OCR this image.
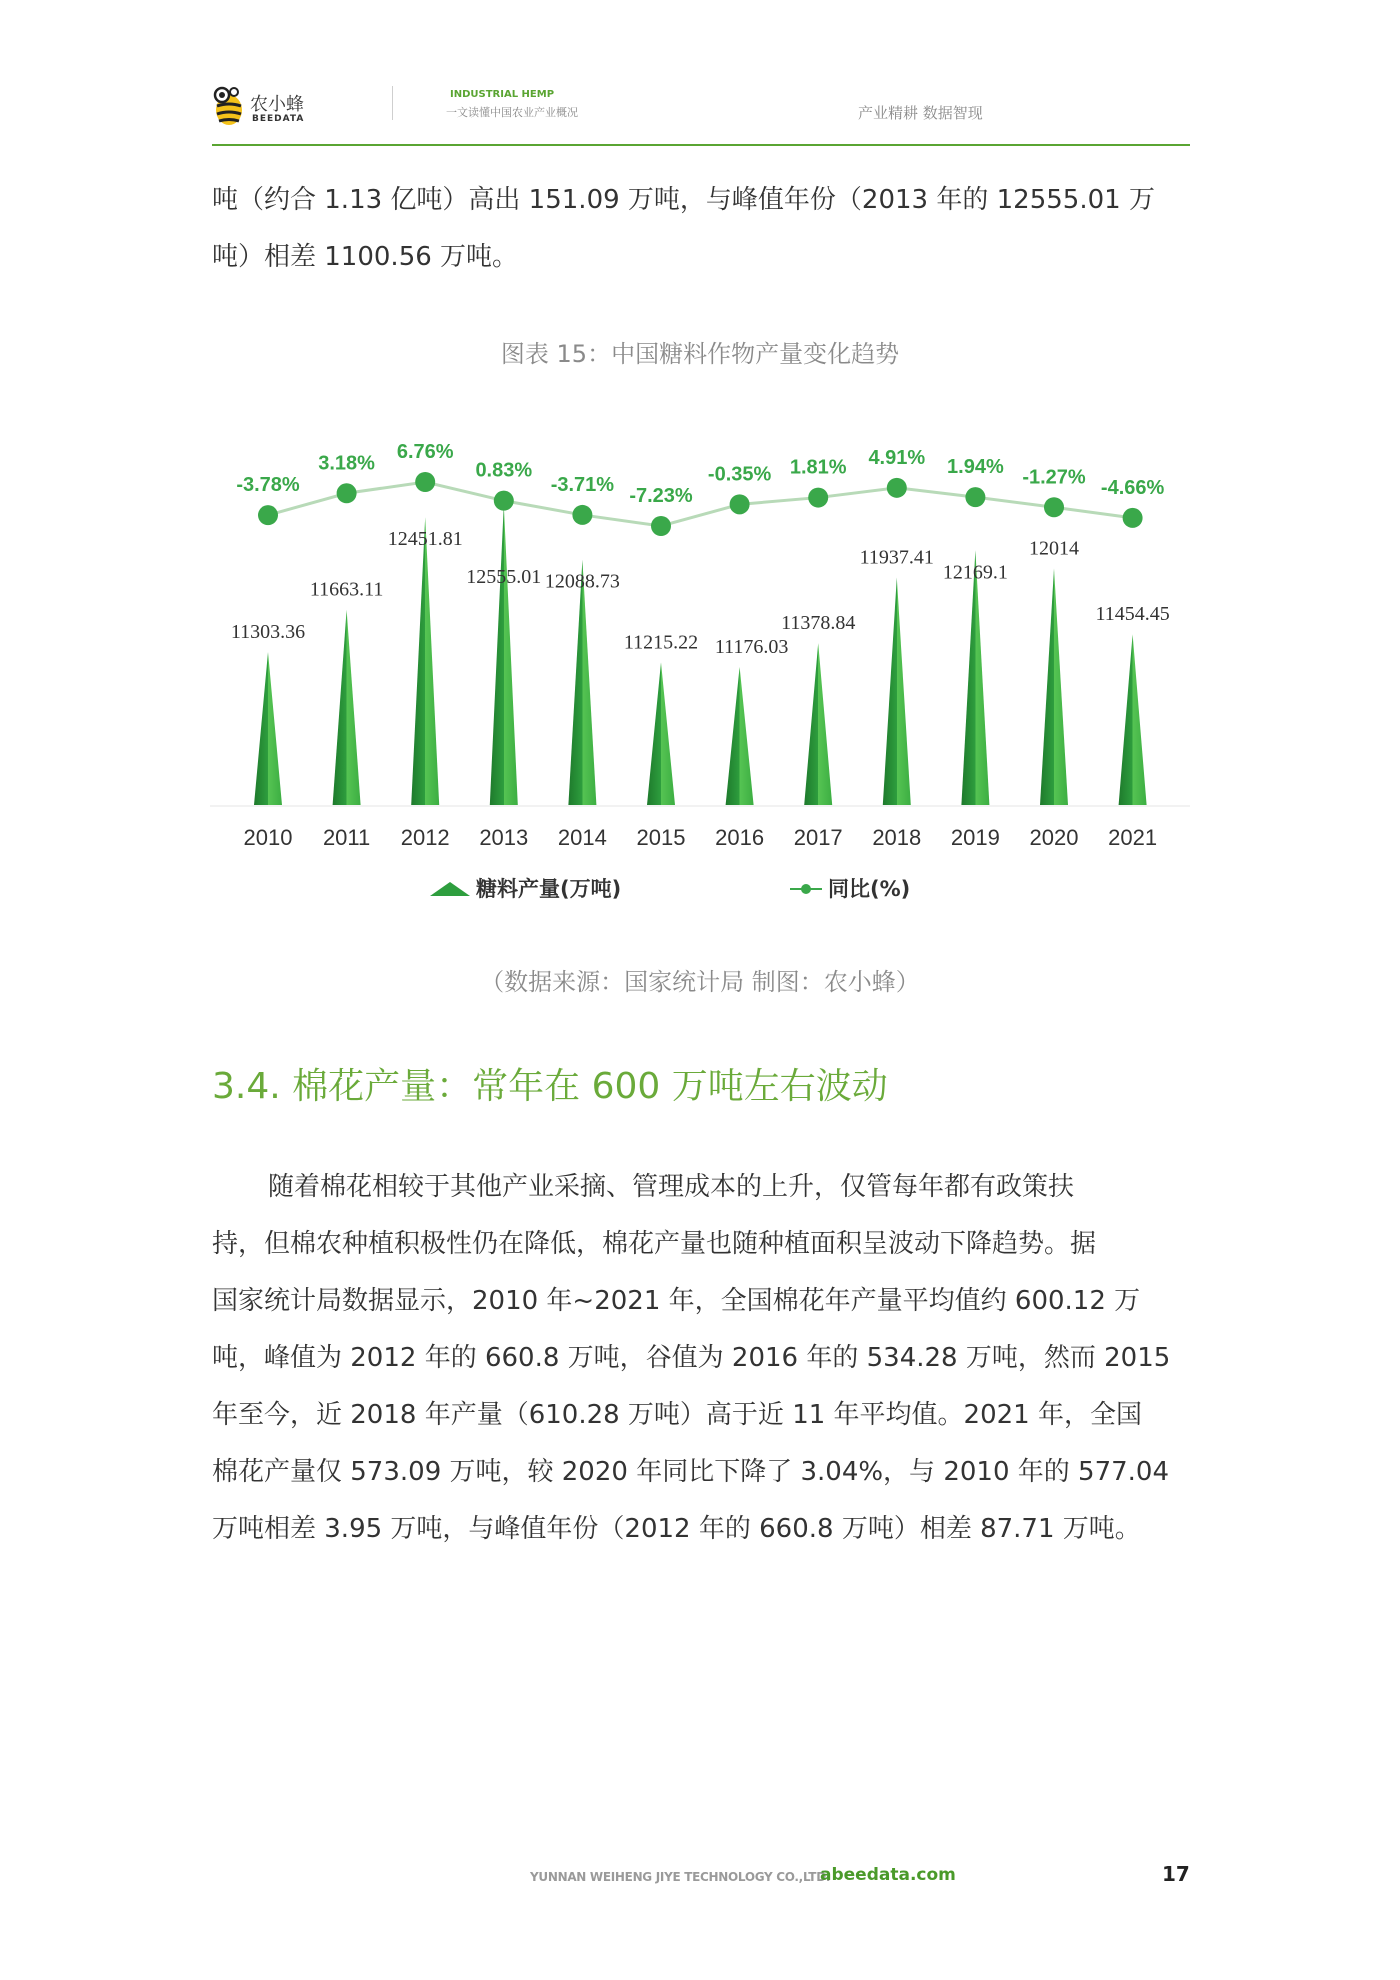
农小蜂
BEEDATA
INDUSTRIAL HEMP
一文读懂中国农业产业概况	产业精耕 数据智现
吨（约合 1.13 亿吨）高出 151.09 万吨，与峰值年份（2013 年的 12555.01 万
吨）相差 1100.56 万吨。
图表 15：中国糖料作物产量变化趋势
11303.36
11663.11
12451.81
12555.01 12088.73
11215.22 11176.03
11378.84
11937.41
12169.1
12014
11454.45
-3.78%
3.18%
6.76%
0.83%
-3.71%
-7.23%
-0.35% 1.81% 4.91% 1.94% -1.27% -4.66%
2010 2011 2012 2013 2014 2015 2016 2017 2018 2019 2020 2021
糖料产量(万吨)	同比(%)
（数据来源：国家统计局 制图：农小蜂）
3.4. 棉花产量：常年在 600 万吨左右波动
随着棉花相较于其他产业采摘、管理成本的上升，仅管每年都有政策扶
持，但棉农种植积极性仍在降低，棉花产量也随种植面积呈波动下降趋势。据
国家统计局数据显示，2010 年~2021 年，全国棉花年产量平均值约 600.12 万
吨，峰值为 2012 年的 660.8 万吨，谷值为 2016 年的 534.28 万吨，然而 2015
年至今，近 2018 年产量（610.28 万吨）高于近 11 年平均值。2021 年，全国
棉花产量仅 573.09 万吨，较 2020 年同比下降了 3.04%，与 2010 年的 577.04
万吨相差 3.95 万吨，与峰值年份（2012 年的 660.8 万吨）相差 87.71 万吨。
YUNNAN WEIHENG JIYE TECHNOLOGY CO.,LTD.
abeedata.com	17
